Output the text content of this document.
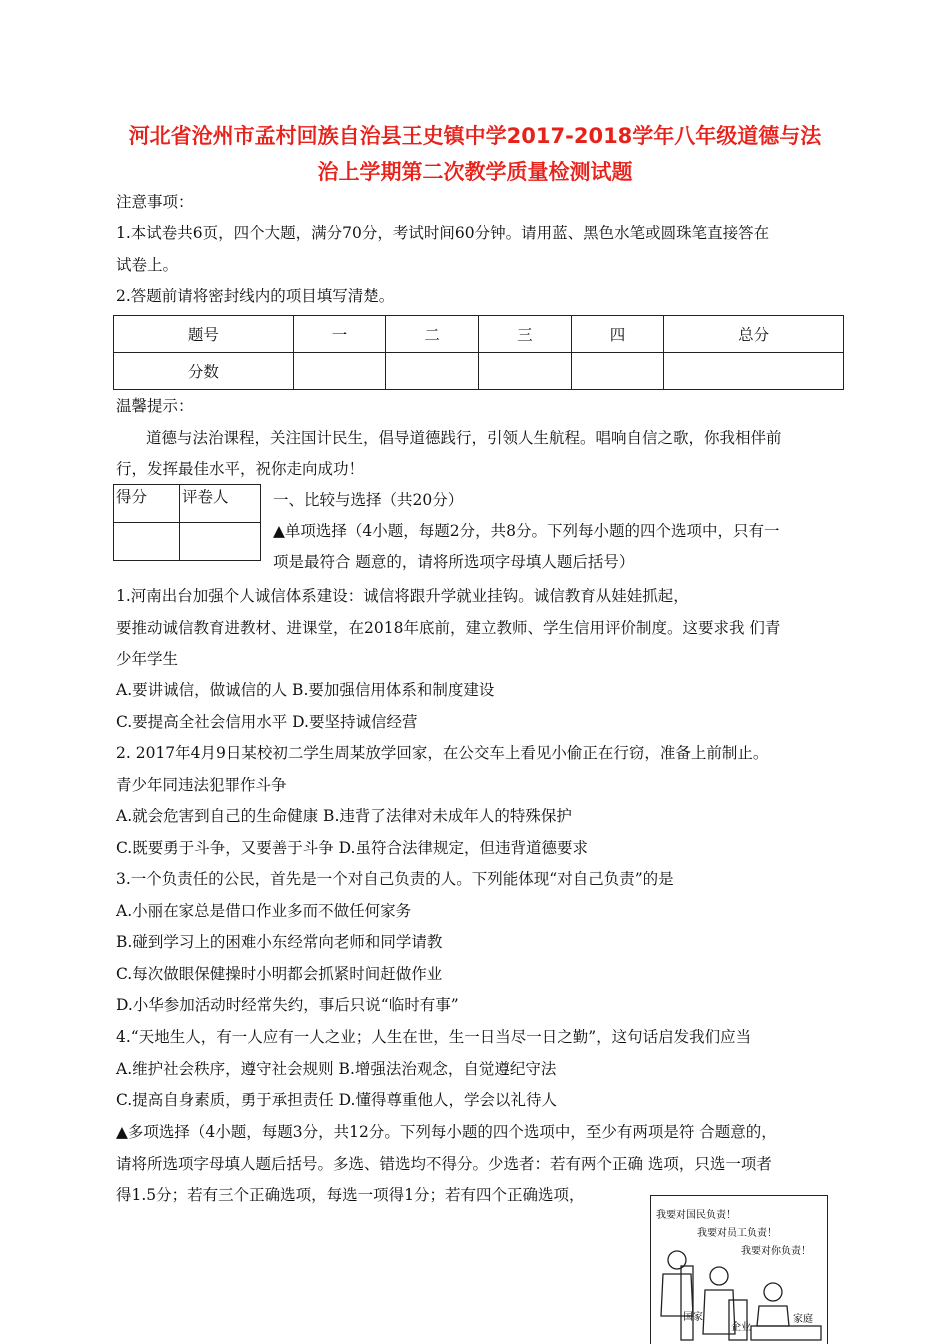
河北省沧州市孟村回族自治县王史镇中学2017-2018学年八年级道德与法
治上学期第二次教学质量检测试题
注意事项：
1.本试卷共6页，四个大题，满分70分，考试时间60分钟。请用蓝、黑色水笔或圆珠笔直接答在
试卷上。
2.答题前请将密封线内的项目填写清楚。
题号	一	二	三	四	总分
分数					
温馨提示：
道德与法治课程，关注国计民生，倡导道德践行，引领人生航程。唱响自信之歌，你我相伴前
行，发挥最佳水平，祝你走向成功！
得分	评卷人
		一、比较与选择（共20分）
▲单项选择（4小题，每题2分，共8分。下列每小题的四个选项中，只有一
项是最符合 题意的，请将所选项字母填人题后括号）
1.河南出台加强个人诚信体系建设：诚信将跟升学就业挂钩。诚信教育从娃娃抓起，
要推动诚信教育进教材、进课堂，在2018年底前，建立教师、学生信用评价制度。这要求我 们青
少年学生
A.要讲诚信，做诚信的人 B.要加强信用体系和制度建设
C.要提高全社会信用水平 D.要坚持诚信经营
2. 2017年4月9日某校初二学生周某放学回家，在公交车上看见小偷正在行窃，准备上前制止。
青少年同违法犯罪作斗争
A.就会危害到自己的生命健康 B.违背了法律对未成年人的特殊保护
C.既要勇于斗争，又要善于斗争 D.虽符合法律规定，但违背道德要求
3.一个负责任的公民，首先是一个对自己负责的人。下列能体现“对自己负责”的是
A.小丽在家总是借口作业多而不做任何家务
B.碰到学习上的困难小东经常向老师和同学请教
C.每次做眼保健操时小明都会抓紧时间赶做作业
D.小华参加活动时经常失约，事后只说“临时有事”
4.“天地生人，有一人应有一人之业；人生在世，生一日当尽一日之勤”，这句话启发我们应当
A.维护社会秩序，遵守社会规则 B.增强法治观念，自觉遵纪守法
C.提高自身素质，勇于承担责任 D.懂得尊重他人，学会以礼待人
▲多项选择（4小题，每题3分，共12分。下列每小题的四个选项中，至少有两项是符 合题意的，
请将所选项字母填人题后括号。多选、错选均不得分。少选者：若有两个正确 选项，只选一项者
得1.5分；若有三个正确选项，每选一项得1分；若有四个正确选项，
我要对国民负责！
我要对员工负责！
我要对你负责！
国家
企业
家庭
